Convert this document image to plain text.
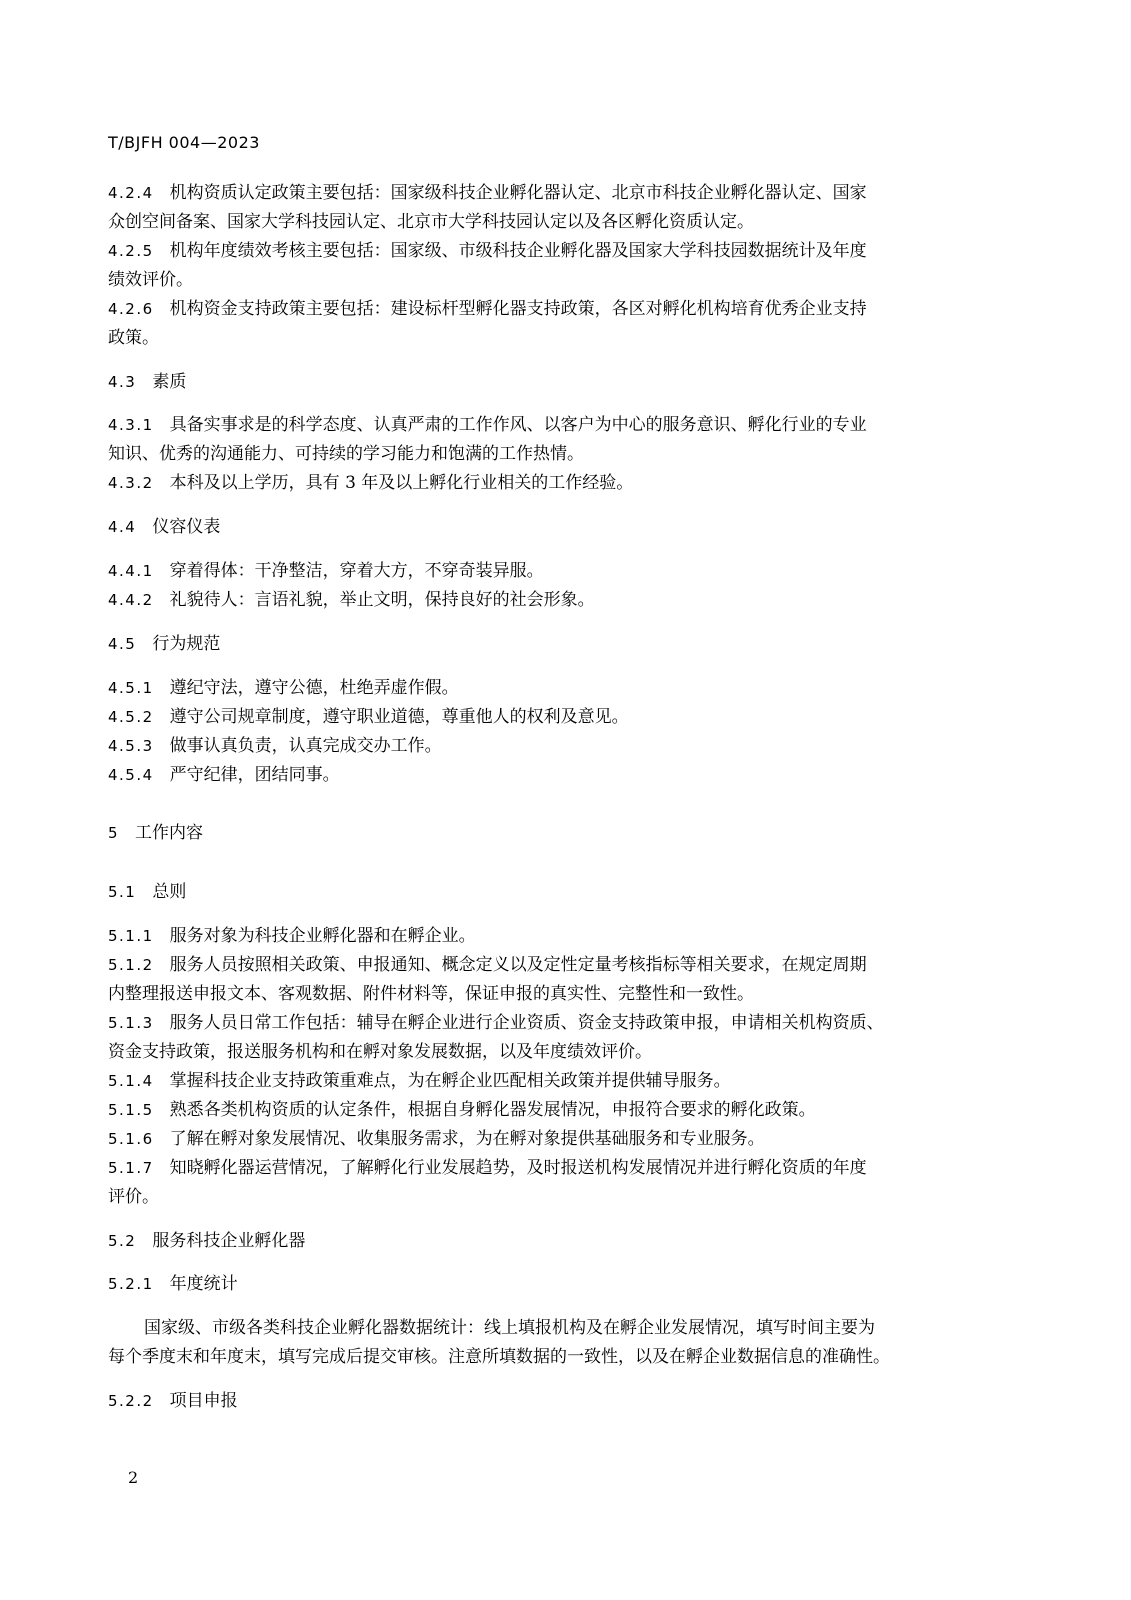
T/BJFH 004—2023
4.2.4 机构资质认定政策主要包括：国家级科技企业孵化器认定、北京市科技企业孵化器认定、国家
众创空间备案、国家大学科技园认定、北京市大学科技园认定以及各区孵化资质认定。
4.2.5 机构年度绩效考核主要包括：国家级、市级科技企业孵化器及国家大学科技园数据统计及年度
绩效评价。
4.2.6 机构资金支持政策主要包括：建设标杆型孵化器支持政策，各区对孵化机构培育优秀企业支持
政策。
4.3 素质
4.3.1 具备实事求是的科学态度、认真严肃的工作作风、以客户为中心的服务意识、孵化行业的专业
知识、优秀的沟通能力、可持续的学习能力和饱满的工作热情。
4.3.2 本科及以上学历，具有 3 年及以上孵化行业相关的工作经验。
4.4 仪容仪表
4.4.1 穿着得体：干净整洁，穿着大方，不穿奇装异服。
4.4.2 礼貌待人：言语礼貌，举止文明，保持良好的社会形象。
4.5 行为规范
4.5.1 遵纪守法，遵守公德，杜绝弄虚作假。
4.5.2 遵守公司规章制度，遵守职业道德，尊重他人的权利及意见。
4.5.3 做事认真负责，认真完成交办工作。
4.5.4 严守纪律，团结同事。
5 工作内容
5.1 总则
5.1.1 服务对象为科技企业孵化器和在孵企业。
5.1.2 服务人员按照相关政策、申报通知、概念定义以及定性定量考核指标等相关要求，在规定周期
内整理报送申报文本、客观数据、附件材料等，保证申报的真实性、完整性和一致性。
5.1.3 服务人员日常工作包括：辅导在孵企业进行企业资质、资金支持政策申报，申请相关机构资质、
资金支持政策，报送服务机构和在孵对象发展数据，以及年度绩效评价。
5.1.4 掌握科技企业支持政策重难点，为在孵企业匹配相关政策并提供辅导服务。
5.1.5 熟悉各类机构资质的认定条件，根据自身孵化器发展情况，申报符合要求的孵化政策。
5.1.6 了解在孵对象发展情况、收集服务需求，为在孵对象提供基础服务和专业服务。
5.1.7 知晓孵化器运营情况，了解孵化行业发展趋势，及时报送机构发展情况并进行孵化资质的年度
评价。
5.2 服务科技企业孵化器
5.2.1 年度统计
国家级、市级各类科技企业孵化器数据统计：线上填报机构及在孵企业发展情况，填写时间主要为
每个季度末和年度末，填写完成后提交审核。注意所填数据的一致性，以及在孵企业数据信息的准确性。
5.2.2 项目申报
2
